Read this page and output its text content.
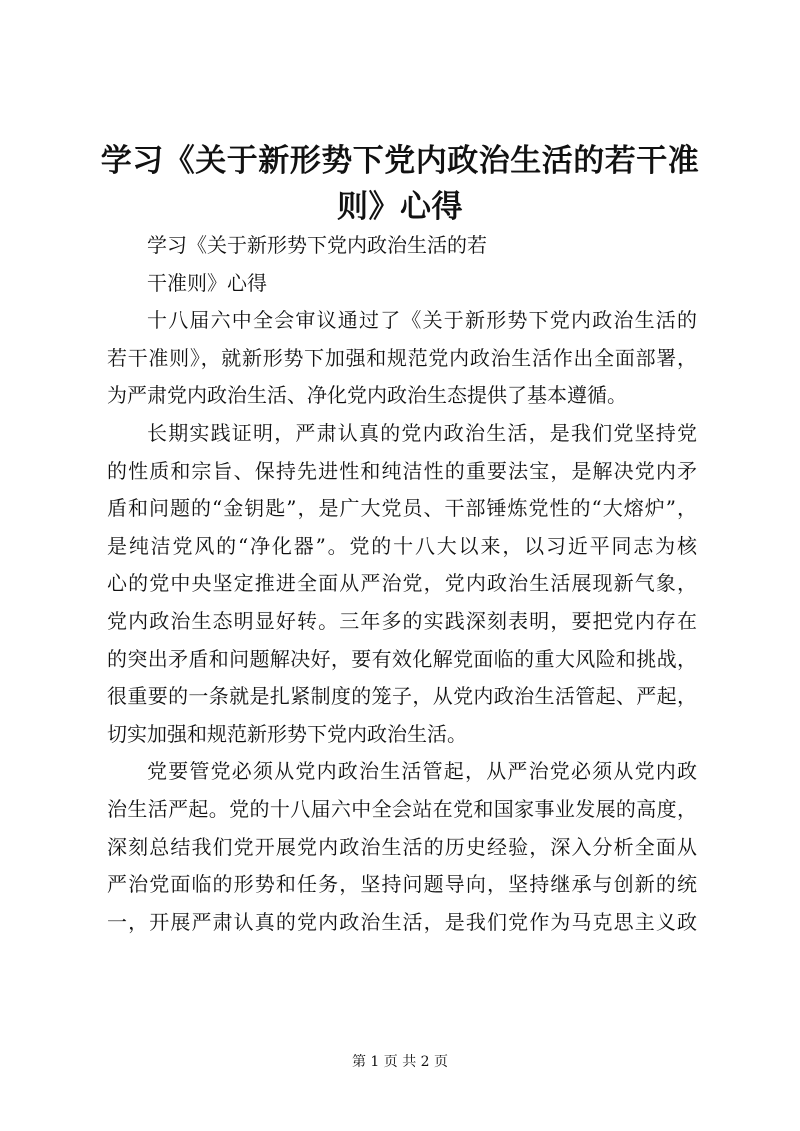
学习《关于新形势下党内政治生活的若干准
则》心得
学习《关于新形势下党内政治生活的若
干准则》心得
十八届六中全会审议通过了《关于新形势下党内政治生活的
若干准则》，就新形势下加强和规范党内政治生活作出全面部署，
为严肃党内政治生活、净化党内政治生态提供了基本遵循。
长期实践证明，严肃认真的党内政治生活，是我们党坚持党
的性质和宗旨、保持先进性和纯洁性的重要法宝，是解决党内矛
盾和问题的“金钥匙”，是广大党员、干部锤炼党性的“大熔炉”，
是纯洁党风的“净化器”。党的十八大以来，以习近平同志为核
心的党中央坚定推进全面从严治党，党内政治生活展现新气象，
党内政治生态明显好转。三年多的实践深刻表明，要把党内存在
的突出矛盾和问题解决好，要有效化解党面临的重大风险和挑战，
很重要的一条就是扎紧制度的笼子，从党内政治生活管起、严起，
切实加强和规范新形势下党内政治生活。
党要管党必须从党内政治生活管起，从严治党必须从党内政
治生活严起。党的十八届六中全会站在党和国家事业发展的高度，
深刻总结我们党开展党内政治生活的历史经验，深入分析全面从
严治党面临的形势和任务，坚持问题导向，坚持继承与创新的统
一，开展严肃认真的党内政治生活，是我们党作为马克思主义政
第 1 页 共 2 页
